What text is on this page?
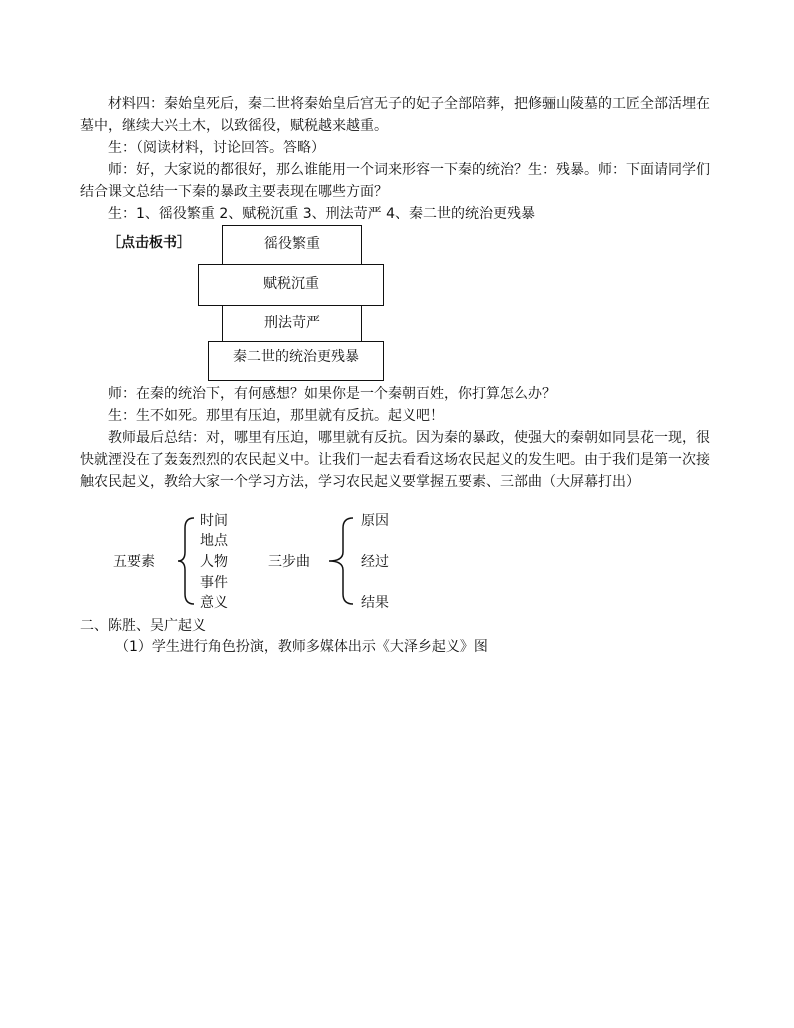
材料四：秦始皇死后，秦二世将秦始皇后宫无子的妃子全部陪葬，把修骊山陵墓的工匠全部活埋在墓中，继续大兴土木，以致徭役，赋税越来越重。

生：（阅读材料，讨论回答。答略）

师：好，大家说的都很好，那么谁能用一个词来形容一下秦的统治？生：残暴。师：下面请同学们结合课文总结一下秦的暴政主要表现在哪些方面？

生：1、徭役繁重 2、赋税沉重 3、刑法苛严 4、秦二世的统治更残暴

［点击板书］	徭役繁重
赋税沉重
刑法苛严
秦二世的统治更残暴

师：在秦的统治下，有何感想？如果你是一个秦朝百姓，你打算怎么办？

生：生不如死。那里有压迫，那里就有反抗。起义吧！

教师最后总结：对，哪里有压迫，哪里就有反抗。因为秦的暴政，使强大的秦朝如同昙花一现，很快就湮没在了轰轰烈烈的农民起义中。让我们一起去看看这场农民起义的发生吧。由于我们是第一次接触农民起义，教给大家一个学习方法，学习农民起义要掌握五要素、三部曲（大屏幕打出）

五要素
时间
地点
人物
事件
意义
三步曲
原因
经过
结果

二、陈胜、吴广起义

（1）学生进行角色扮演，教师多媒体出示《大泽乡起义》图
